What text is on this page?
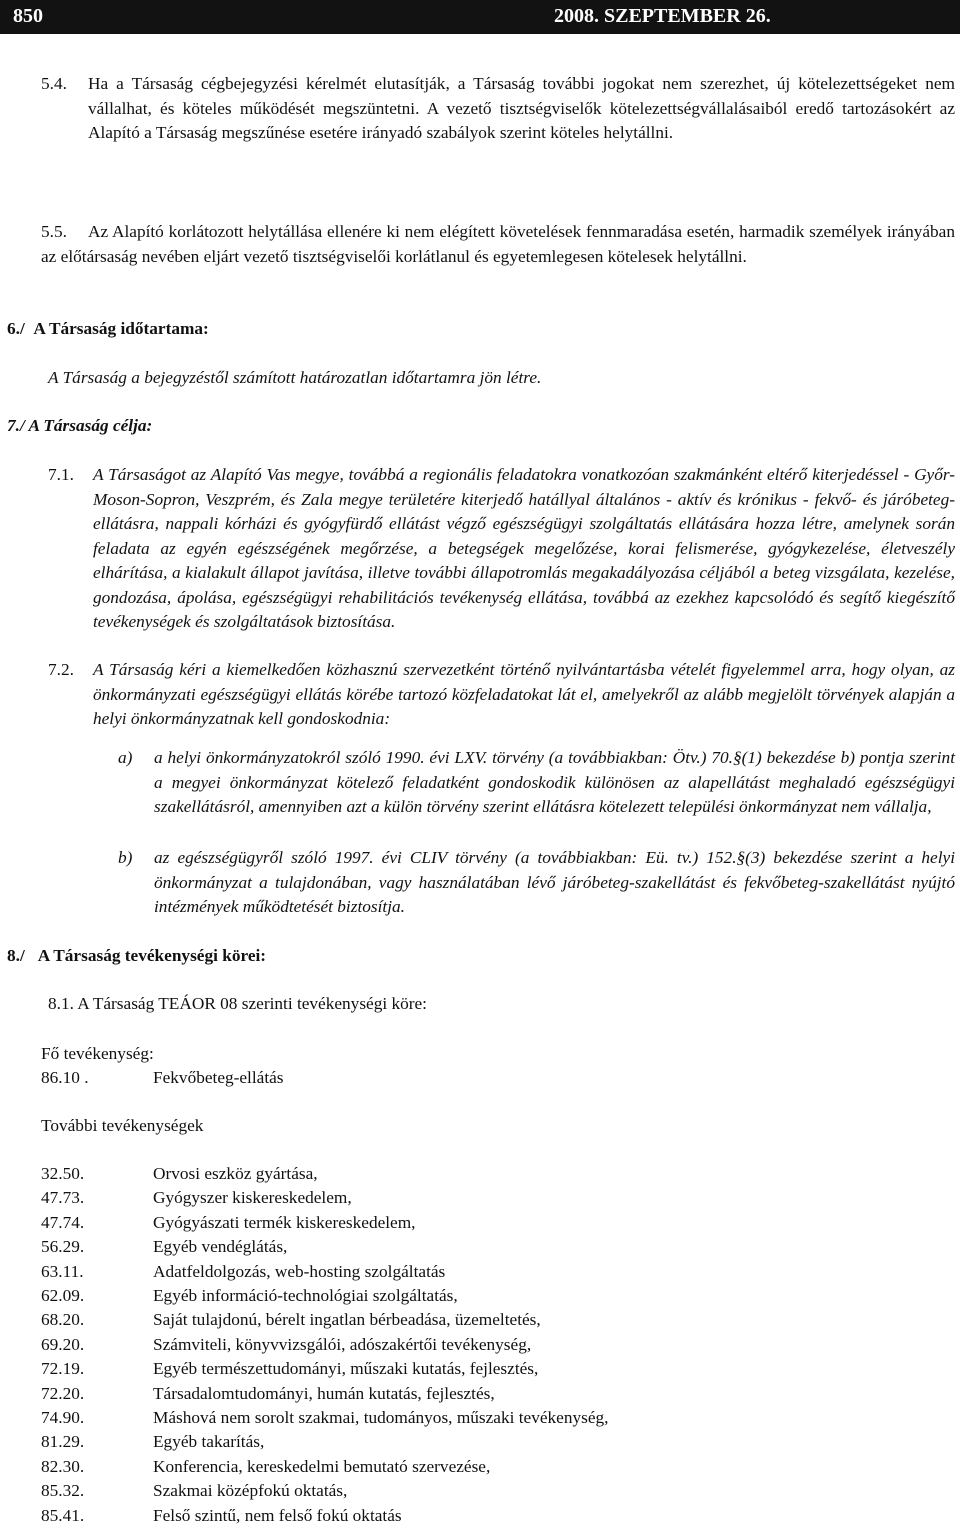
850	2008. SZEPTEMBER 26.
5.4. Ha a Társaság cégbejegyzési kérelmét elutasítják, a Társaság további jogokat nem szerezhet, új kötelezettségeket nem vállalhat, és köteles működését megszüntetni. A vezető tisztségviselők kötelezettségvállalásaiból eredő tartozásokért az Alapító a Társaság megszűnése esetére irányadó szabályok szerint köteles helytállni.
5.5. Az Alapító korlátozott helytállása ellenére ki nem elégített követelések fennmaradása esetén, harmadik személyek irányában az előtársaság nevében eljárt vezető tisztségviselői korlátlanul és egyetemlegesen kötelesek helytállni.
6./ A Társaság időtartama:
A Társaság a bejegyzéstől számított határozatlan időtartamra jön létre.
7./ A Társaság célja:
7.1. A Társaságot az Alapító Vas megye, továbbá a regionális feladatokra vonatkozóan szakmánként eltérő kiterjedéssel - Győr-Moson-Sopron, Veszprém, és Zala megye területére kiterjedő hatállyal általános - aktív és krónikus - fekvő- és járóbeteg-ellátásra, nappali kórházi és gyógyfürdő ellátást végző egészségügyi szolgáltatás ellátására hozza létre, amelynek során feladata az egyén egészségének megőrzése, a betegségek megelőzése, korai felismerése, gyógykezelése, életveszély elhárítása, a kialakult állapot javítása, illetve további állapotromlás megakadályozása céljából a beteg vizsgálata, kezelése, gondozása, ápolása, egészségügyi rehabilitációs tevékenység ellátása, továbbá az ezekhez kapcsolódó és segítő kiegészítő tevékenységek és szolgáltatások biztosítása.
7.2. A Társaság kéri a kiemelkedően közhasznú szervezetként történő nyilvántartásba vételét figyelemmel arra, hogy olyan, az önkormányzati egészségügyi ellátás körébe tartozó közfeladatokat lát el, amelyekről az alább megjelölt törvények alapján a helyi önkormányzatnak kell gondoskodnia:
a) a helyi önkormányzatokról szóló 1990. évi LXV. törvény (a továbbiakban: Ötv.) 70.§(1) bekezdése b) pontja szerint a megyei önkormányzat kötelező feladatként gondoskodik különösen az alapellátást meghaladó egészségügyi szakellátásról, amennyiben azt a külön törvény szerint ellátásra kötelezett települési önkormányzat nem vállalja,
b) az egészségügyről szóló 1997. évi CLIV törvény (a továbbiakban: Eü. tv.) 152.§(3) bekezdése szerint a helyi önkormányzat a tulajdonában, vagy használatában lévő járóbeteg-szakellátást és fekvőbeteg-szakellátást nyújtó intézmények működtetését biztosítja.
8./ A Társaság tevékenységi körei:
8.1. A Társaság TEÁOR 08 szerinti tevékenységi köre:
Fő tevékenység:
86.10 .	Fekvőbeteg-ellátás
További tevékenységek
32.50.	Orvosi eszköz gyártása,
47.73.	Gyógyszer kiskereskedelem,
47.74.	Gyógyászati termék kiskereskedelem,
56.29.	Egyéb vendéglátás,
63.11.	Adatfeldolgozás, web-hosting szolgáltatás
62.09.	Egyéb információ-technológiai szolgáltatás,
68.20.	Saját tulajdonú, bérelt ingatlan bérbeadása, üzemeltetés,
69.20.	Számviteli, könyvvizsgálói, adószakértői tevékenység,
72.19.	Egyéb természettudományi, műszaki kutatás, fejlesztés,
72.20.	Társadalomtudományi, humán kutatás, fejlesztés,
74.90.	Máshová nem sorolt szakmai, tudományos, műszaki tevékenység,
81.29.	Egyéb takarítás,
82.30.	Konferencia, kereskedelmi bemutató szervezése,
85.32.	Szakmai középfokú oktatás,
85.41.	Felső szintű, nem felső fokú oktatás
